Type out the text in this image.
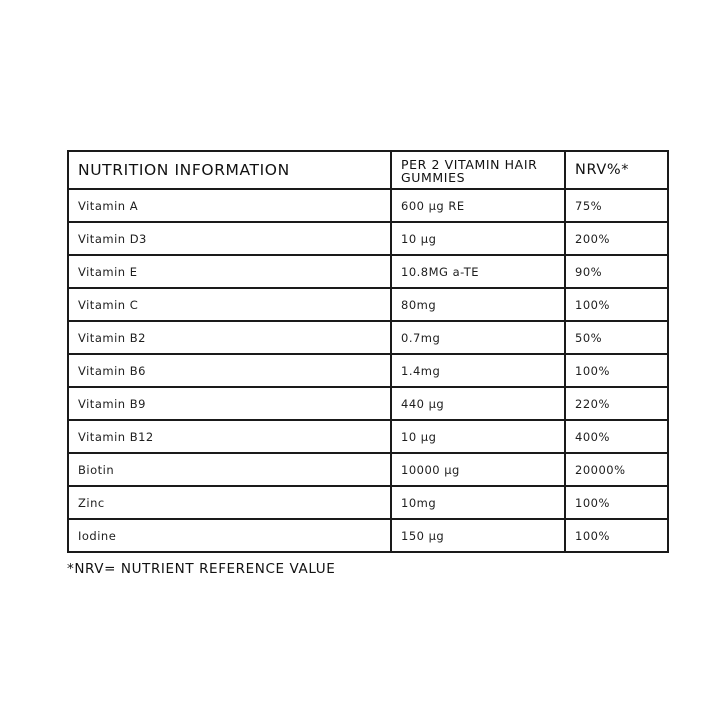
NUTRITION INFORMATION	PER 2 VITAMIN HAIR GUMMIES	NRV%*
Vitamin A	600 µg RE	75%
Vitamin D3	10 µg	200%
Vitamin E	10.8MG a-TE	90%
Vitamin C	80mg	100%
Vitamin B2	0.7mg	50%
Vitamin B6	1.4mg	100%
Vitamin B9	440 µg	220%
Vitamin B12	10 µg	400%
Biotin	10000 µg	20000%
Zinc	10mg	100%
Iodine	150 µg	100%
*NRV= NUTRIENT REFERENCE VALUE
